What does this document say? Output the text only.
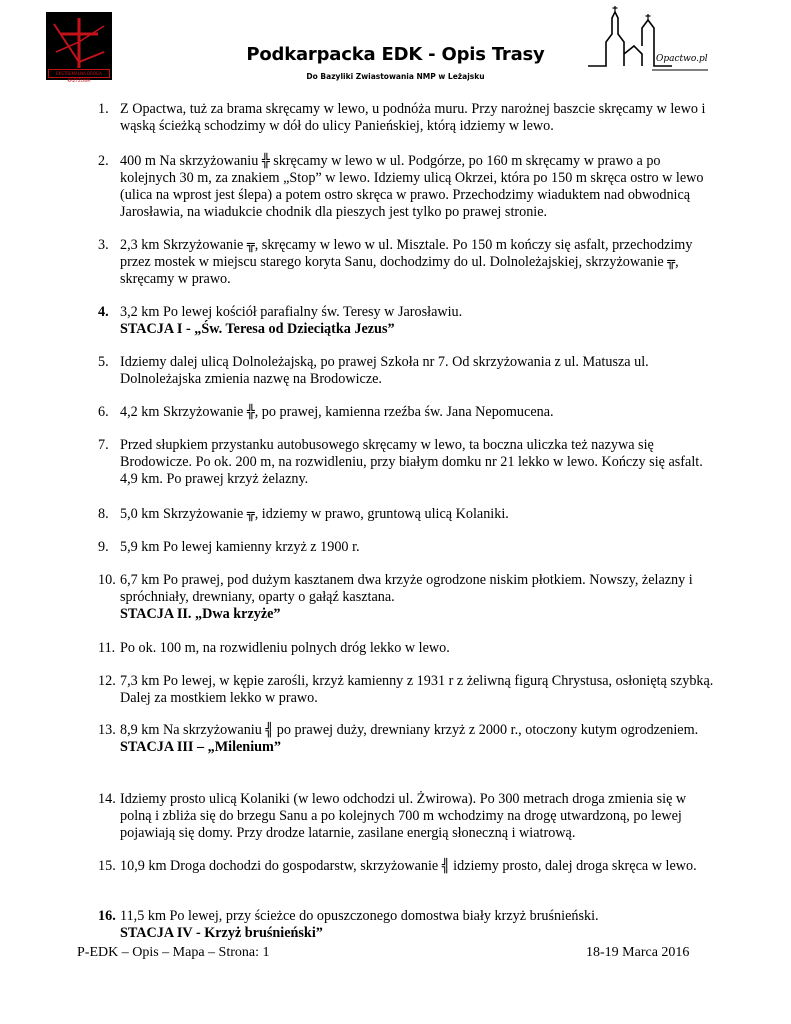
EKSTREMALNA DROGA KRZYŻOWA
Podkarpacka EDK - Opis Trasy
Do Bazyliki Zwiastowania NMP w Leżajsku
Opactwo.pl
1. Z Opactwa, tuż za brama skręcamy w lewo, u podnóża muru. Przy narożnej baszcie skręcamy w lewo i wąską ścieżką schodzimy w dół do ulicy Panieńskiej, którą idziemy w lewo.
2. 400 m Na skrzyżowaniu ╬ skręcamy w lewo w ul. Podgórze, po 160 m skręcamy w prawo a po kolejnych 30 m, za znakiem „Stop” w lewo. Idziemy ulicą Okrzei, która po 150 m skręca ostro w lewo (ulica na wprost jest ślepa) a potem ostro skręca w prawo. Przechodzimy wiaduktem nad obwodnicą Jarosławia, na wiadukcie chodnik dla pieszych jest tylko po prawej stronie.
3. 2,3 km Skrzyżowanie ╦, skręcamy w lewo w ul. Misztale. Po 150 m kończy się asfalt, przechodzimy przez mostek w miejscu starego koryta Sanu, dochodzimy do ul. Dolnoleżajskiej, skrzyżowanie ╦, skręcamy w prawo.
4. 3,2 km Po lewej kościół parafialny św. Teresy w Jarosławiu.
STACJA I - „Św. Teresa od Dzieciątka Jezus”
5. Idziemy dalej ulicą Dolnoleżajską, po prawej Szkoła nr 7. Od skrzyżowania z ul. Matusza ul. Dolnoleżajska zmienia nazwę na Brodowicze.
6. 4,2 km Skrzyżowanie ╬, po prawej, kamienna rzeźba św. Jana Nepomucena.
7. Przed słupkiem przystanku autobusowego skręcamy w lewo, ta boczna uliczka też nazywa się Brodowicze. Po ok. 200 m, na rozwidleniu, przy białym domku nr 21 lekko w lewo. Kończy się asfalt. 4,9 km. Po prawej krzyż żelazny.
8. 5,0 km Skrzyżowanie ╦, idziemy w prawo, gruntową ulicą Kolaniki.
9. 5,9 km Po lewej kamienny krzyż z 1900 r.
10. 6,7 km Po prawej, pod dużym kasztanem dwa krzyże ogrodzone niskim płotkiem. Nowszy, żelazny i spróchniały, drewniany, oparty o gałąź kasztana.
STACJA II. „Dwa krzyże”
11. Po ok. 100 m, na rozwidleniu polnych dróg lekko w lewo.
12. 7,3 km Po lewej, w kępie zarośli, krzyż kamienny z 1931 r z żeliwną figurą Chrystusa, osłoniętą szybką. Dalej za mostkiem lekko w prawo.
13. 8,9 km Na skrzyżowaniu ╣ po prawej duży, drewniany krzyż z 2000 r., otoczony kutym ogrodzeniem.
STACJA III – „Milenium”
14. Idziemy prosto ulicą Kolaniki (w lewo odchodzi ul. Żwirowa). Po 300 metrach droga zmienia się w polną i zbliża się do brzegu Sanu a po kolejnych 700 m wchodzimy na drogę utwardzoną, po lewej pojawiają się domy. Przy drodze latarnie, zasilane energią słoneczną i wiatrową.
15. 10,9 km Droga dochodzi do gospodarstw, skrzyżowanie ╣ idziemy prosto, dalej droga skręca w lewo.
16. 11,5 km Po lewej, przy ścieżce do opuszczonego domostwa biały krzyż bruśnieński.
STACJA IV - Krzyż bruśnieński”
P-EDK – Opis – Mapa – Strona: 1	18-19 Marca 2016
